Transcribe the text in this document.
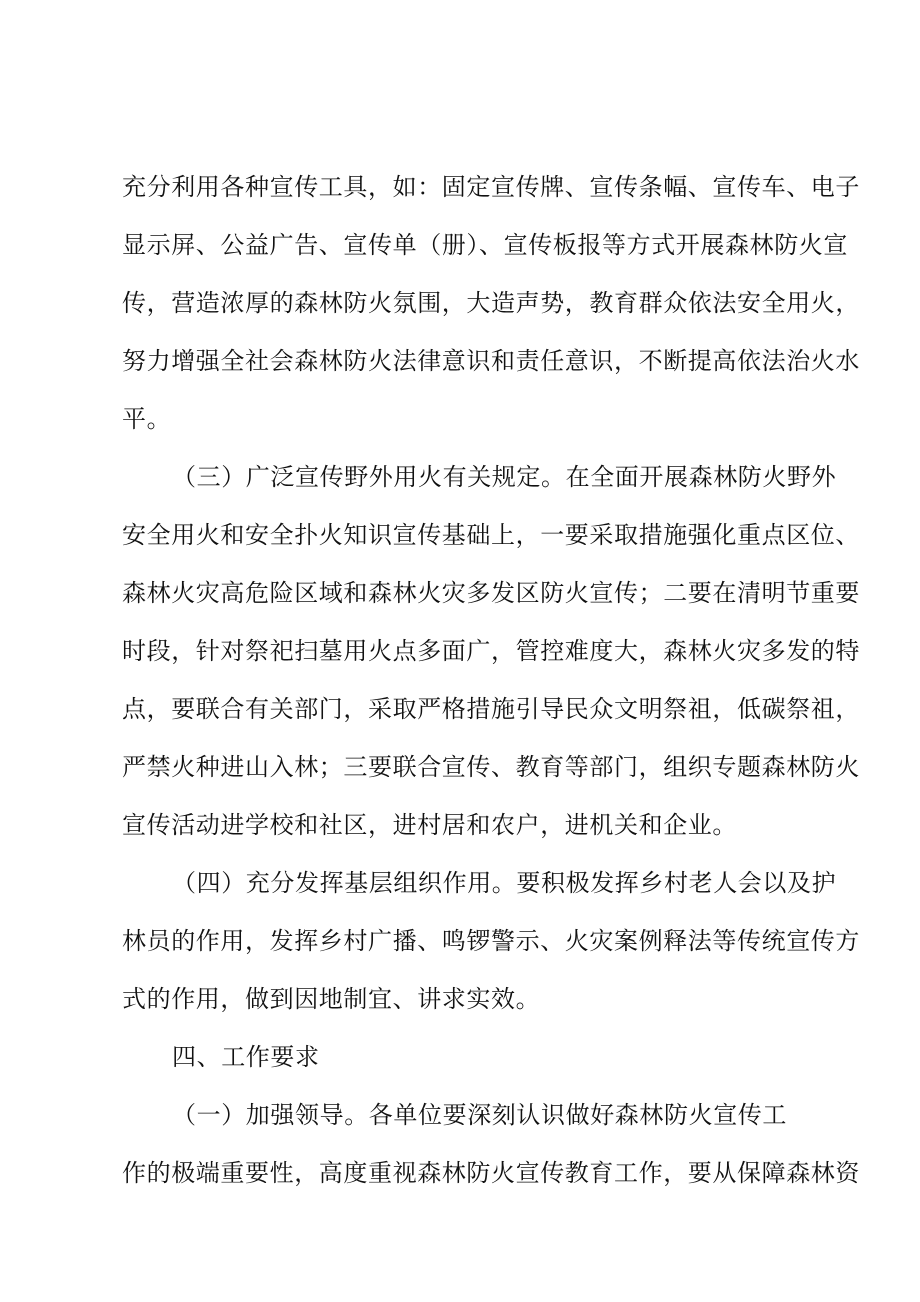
充分利用各种宣传工具，如：固定宣传牌、宣传条幅、宣传车、电子
显示屏、公益广告、宣传单（册）、宣传板报等方式开展森林防火宣
传，营造浓厚的森林防火氛围，大造声势，教育群众依法安全用火，
努力增强全社会森林防火法律意识和责任意识，不断提高依法治火水
平。
（三）广泛宣传野外用火有关规定。在全面开展森林防火野外
安全用火和安全扑火知识宣传基础上，一要采取措施强化重点区位、
森林火灾高危险区域和森林火灾多发区防火宣传；二要在清明节重要
时段，针对祭祀扫墓用火点多面广，管控难度大，森林火灾多发的特
点，要联合有关部门，采取严格措施引导民众文明祭祖，低碳祭祖，
严禁火种进山入林；三要联合宣传、教育等部门，组织专题森林防火
宣传活动进学校和社区，进村居和农户，进机关和企业。
（四）充分发挥基层组织作用。要积极发挥乡村老人会以及护
林员的作用，发挥乡村广播、鸣锣警示、火灾案例释法等传统宣传方
式的作用，做到因地制宜、讲求实效。
四、工作要求
（一）加强领导。各单位要深刻认识做好森林防火宣传工
作的极端重要性，高度重视森林防火宣传教育工作，要从保障森林资
